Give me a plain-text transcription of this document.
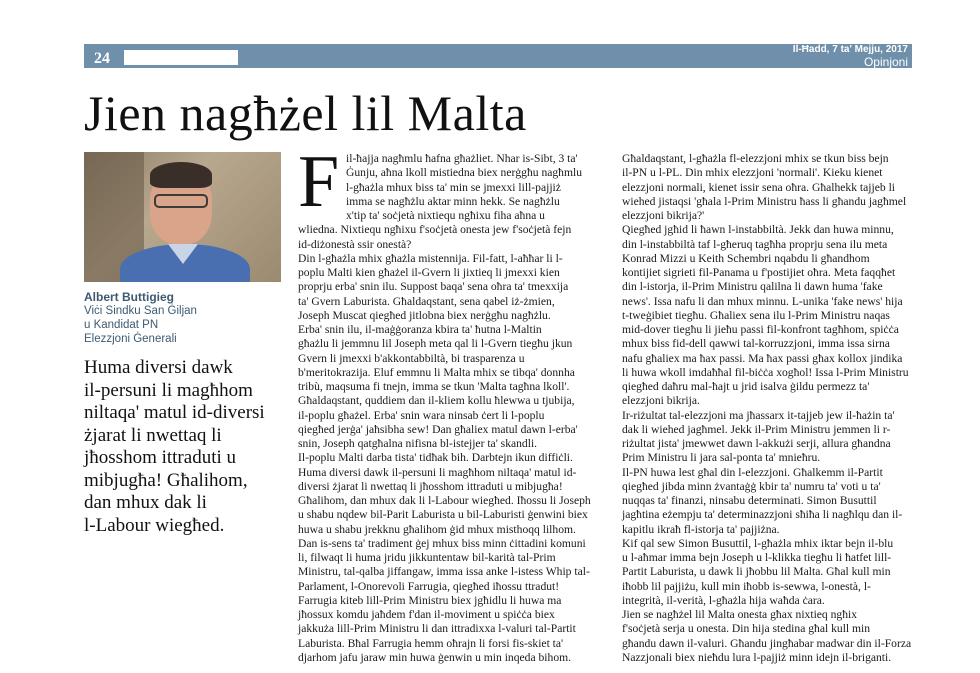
24
Il-Ħadd, 7 ta' Mejju, 2017
Opinjoni
Jien nagħżel lil Malta
Albert Buttigieg
Viċi Sindku San Ġiljan
u Kandidat PN
Elezzjoni Ġenerali
Huma diversi dawk
il-persuni li magħhom
niltaqa' matul id-diversi
żjarat li nwettaq li
jħosshom ittraduti u
mibjugħa! Għalihom,
dan mhux dak li
l-Labour wiegħed.
F il-ħajja nagħmlu ħafna għażliet. Nhar is-Sibt, 3 ta'
Ġunju, aħna lkoll mistiedna biex nerġgħu nagħmlu
l-għażla mhux biss ta' min se jmexxi lill-pajjiż
imma se nagħżlu aktar minn hekk. Se nagħżlu
x'tip ta' soċjetà nixtiequ ngħixu fiha aħna u
wliedna. Nixtiequ ngħixu f'soċjetà onesta jew f'soċjetà fejn
id-diżonestà ssir onestà?
Din l-għażla mhix għażla mistennija. Fil-fatt, l-aħħar li l-
poplu Malti kien għażel il-Gvern li jixtieq li jmexxi kien
proprju erba' snin ilu. Suppost baqa' sena oħra ta' tmexxija
ta' Gvern Laburista. Għaldaqstant, sena qabel iż-żmien,
Joseph Muscat qiegħed jitlobna biex nerġgħu nagħżlu.
Erba' snin ilu, il-maġġoranza kbira ta' ħutna l-Maltin
għażlu li jemmnu lil Joseph meta qal li l-Gvern tiegħu jkun
Gvern li jmexxi b'akkontabbiltà, bi trasparenza u
b'meritokrazija. Eluf emmnu li Malta mhix se tibqa' donnha
tribù, maqsuma fi tnejn, imma se tkun 'Malta tagħna lkoll'.
Għaldaqstant, quddiem dan il-kliem kollu ħlewwa u tjubija,
il-poplu għażel. Erba' snin wara ninsab ċert li l-poplu
qiegħed jerġa' jaħsibha sew! Dan għaliex matul dawn l-erba'
snin, Joseph qatgħalna nifisna bl-istejjer ta' skandli.
Il-poplu Malti darba tista' tidħak bih. Darbtejn ikun diffiċli.
Huma diversi dawk il-persuni li magħhom niltaqa' matul id-
diversi żjarat li nwettaq li jħosshom ittraduti u mibjugħa!
Għalihom, dan mhux dak li l-Labour wiegħed. Iħossu li Joseph
u shabu nqdew bil-Parit Laburista u bil-Laburisti ġenwini biex
huwa u shabu jrekknu għalihom ġid mhux misthoqq lilhom.
Dan is-sens ta' tradiment ġej mhux biss minn ċittadini komuni
li, filwaqt li huma jridu jikkuntentaw bil-karità tal-Prim
Ministru, tal-qalba jiffangaw, imma issa anke l-istess Whip tal-
Parlament, l-Onorevoli Farrugia, qiegħed iħossu ttradut!
Farrugia kiteb lill-Prim Ministru biex jgħidlu li huwa ma
jħossux komdu jaħdem f'dan il-moviment u spiċċa biex
jakkuża lill-Prim Ministru li dan ittradixxa l-valuri tal-Partit
Laburista. Bħal Farrugia hemm oħrajn li forsi fis-skiet ta'
djarhom jafu jaraw min huwa ġenwin u min inqeda bihom.
Għaldaqstant, l-għażla fl-elezzjoni mhix se tkun biss bejn
il-PN u l-PL. Din mhix elezzjoni 'normali'. Kieku kienet
elezzjoni normali, kienet issir sena oħra. Għalhekk tajjeb li
wiehed jistaqsi 'għala l-Prim Ministru ħass li għandu jagħmel
elezzjoni bikrija?'
Qiegħed jgħid li ħawn l-instabbiltà. Jekk dan huwa minnu,
din l-instabbiltà taf l-għeruq tagħha proprju sena ilu meta
Konrad Mizzi u Keith Schembri nqabdu li għandhom
kontijiet sigrieti fil-Panama u f'postijiet oħra. Meta faqqħet
din l-istorja, il-Prim Ministru qalilna li dawn huma 'fake
news'. Issa nafu li dan mhux minnu. L-unika 'fake news' hija
t-tweġibiet tiegħu. Għaliex sena ilu l-Prim Ministru naqas
mid-dover tiegħu li jieħu passi fil-konfront tagħhom, spiċċa
mhux biss fid-dell qawwi tal-korruzzjoni, imma issa sirna
nafu għaliex ma ħax passi. Ma ħax passi għax kollox jindika
li huwa wkoll imdaħħal fil-biċċa xogħol! Issa l-Prim Ministru
qiegħed daħru mal-ħajt u jrid isalva ġildu permezz ta'
elezzjoni bikrija.
Ir-riżultat tal-elezzjoni ma jħassarx it-tajjeb jew il-ħażin ta'
dak li wiehed jagħmel. Jekk il-Prim Ministru jemmen li r-
riżultat jista' jmewwet dawn l-akkużi serji, allura għandna
Prim Ministru li jara sal-ponta ta' mnieħru.
Il-PN huwa lest għal din l-elezzjoni. Għalkemm il-Partit
qiegħed jibda minn żvantaġġ kbir ta' numru ta' voti u ta'
nuqqas ta' finanzi, ninsabu determinati. Simon Busuttil
jagħtina eżempju ta' determinazzjoni sħiħa li nagħlqu dan il-
kapitlu ikraħ fl-istorja ta' pajjiżna.
Kif qal sew Simon Busuttil, l-għażla mhix iktar bejn il-blu
u l-aħmar imma bejn Joseph u l-klikka tiegħu li ħatfet lill-
Partit Laburista, u dawk li jħobbu lil Malta. Għal kull min
iħobb lil pajjiżu, kull min iħobb is-sewwa, l-onestà, l-
integrità, il-verità, l-għażla hija waħda ċara.
Jien se nagħżel lil Malta onesta għax nixtieq ngħix
f'soċjetà serja u onesta. Din hija stedina għal kull min
għandu dawn il-valuri. Għandu jingħabar madwar din il-Forza
Nazzjonali biex nieħdu lura l-pajjiż minn idejn il-briganti.
